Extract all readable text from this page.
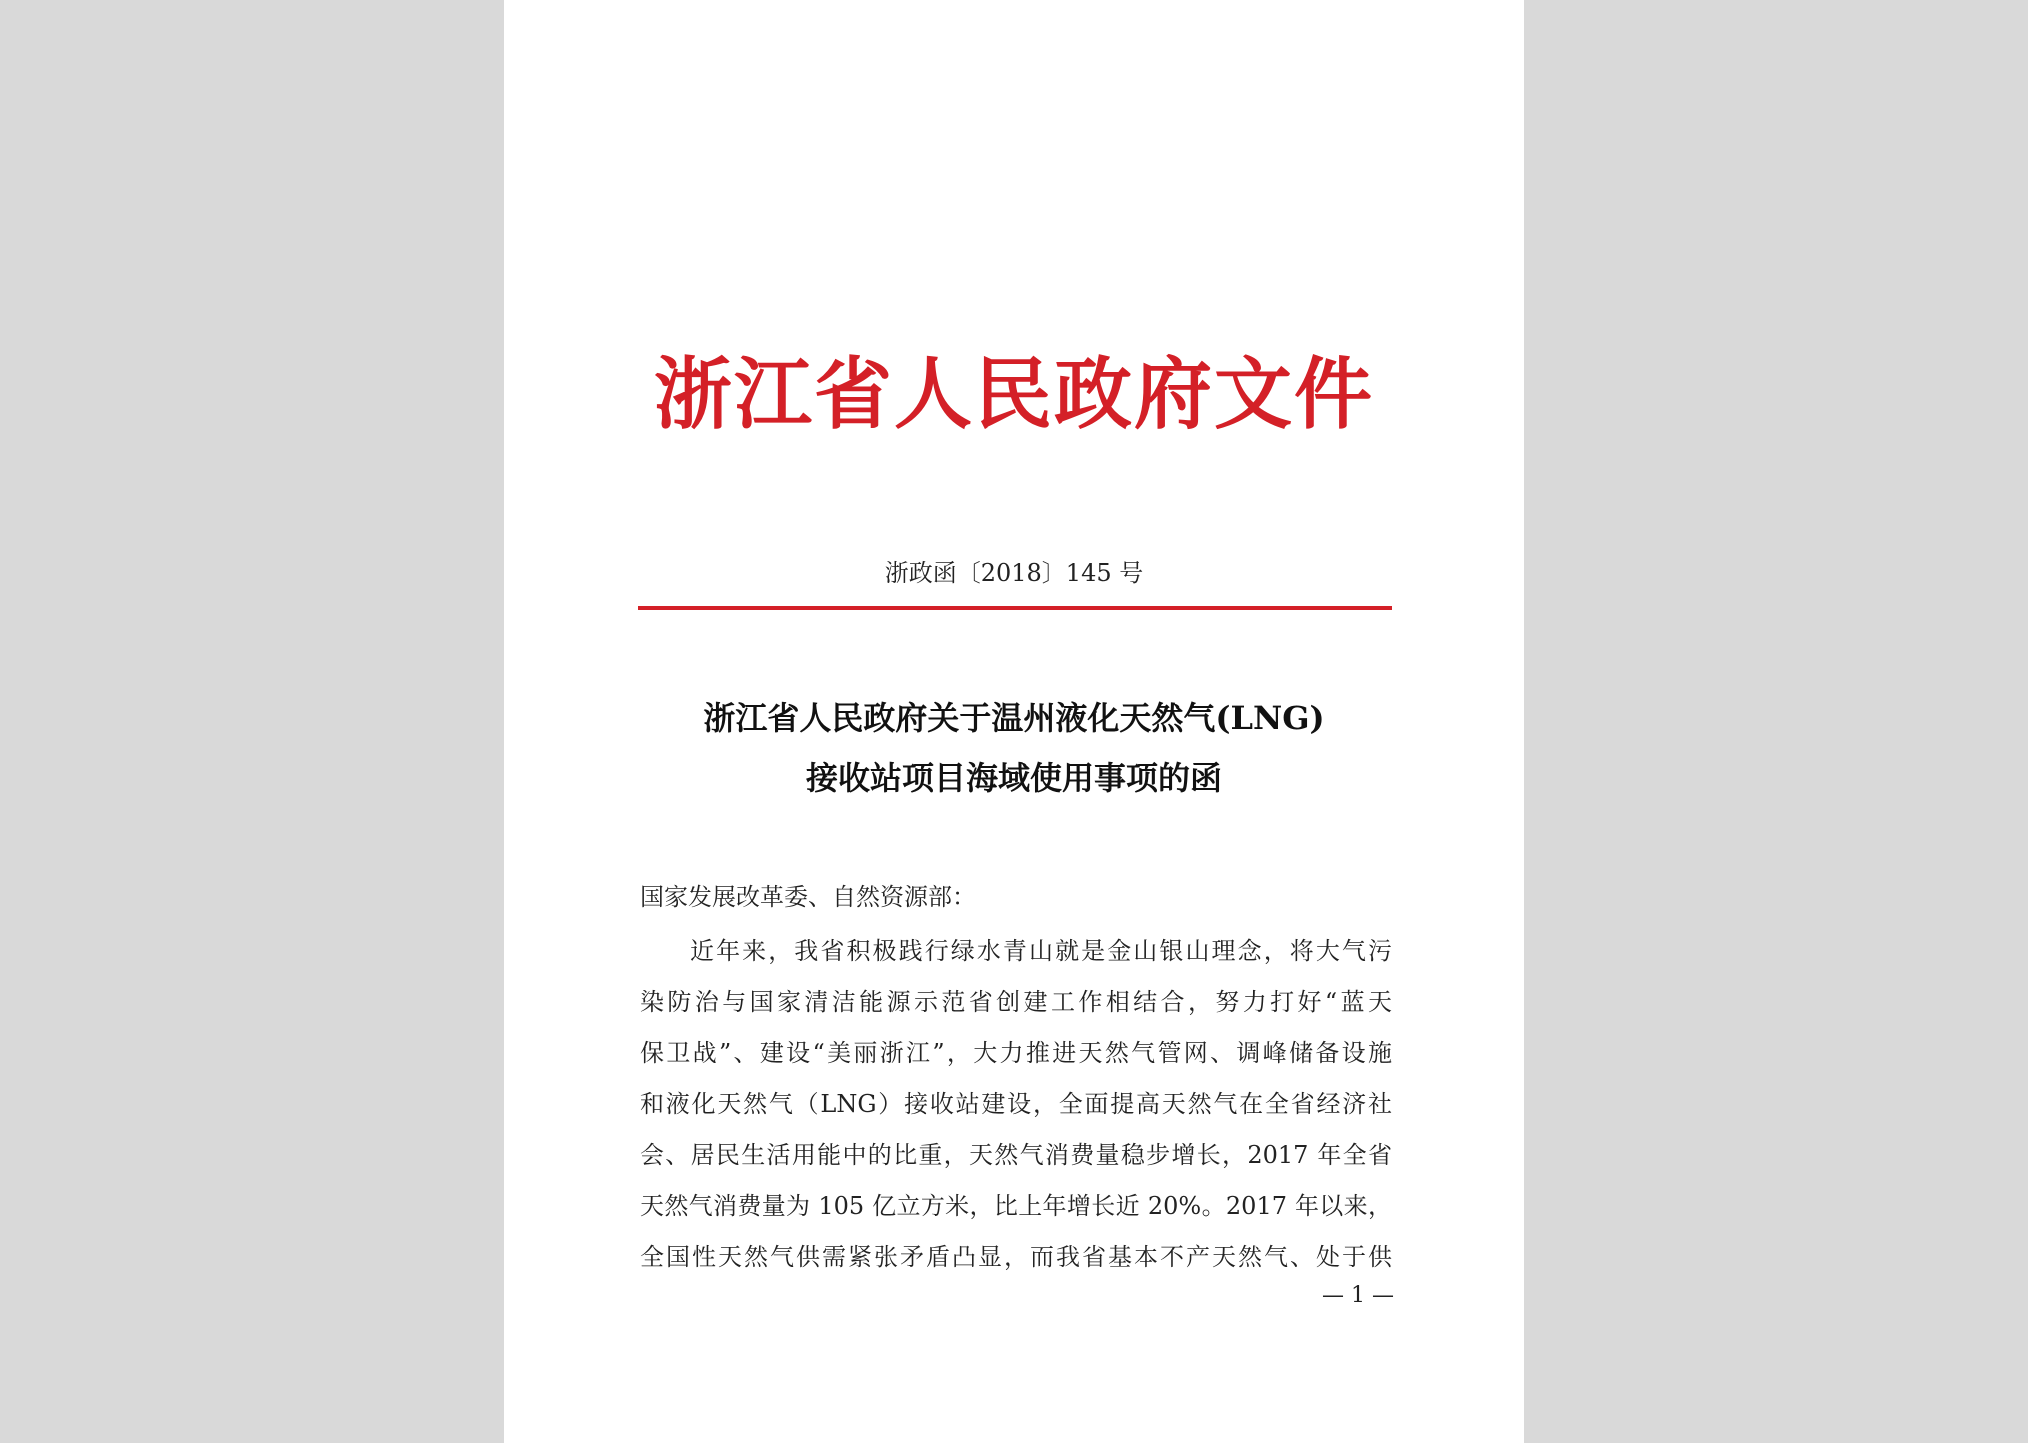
浙江省人民政府文件
浙政函〔2018〕145 号
浙江省人民政府关于温州液化天然气(LNG)
接收站项目海域使用事项的函
国家发展改革委、自然资源部：
近年来，我省积极践行绿水青山就是金山银山理念，将大气污
染防治与国家清洁能源示范省创建工作相结合，努力打好“蓝天
保卫战”、建设“美丽浙江”，大力推进天然气管网、调峰储备设施
和液化天然气（LNG）接收站建设，全面提高天然气在全省经济社
会、居民生活用能中的比重，天然气消费量稳步增长，2017 年全省
天然气消费量为 105 亿立方米，比上年增长近 20%。2017 年以来，
全国性天然气供需紧张矛盾凸显，而我省基本不产天然气、处于供
— 1 —
